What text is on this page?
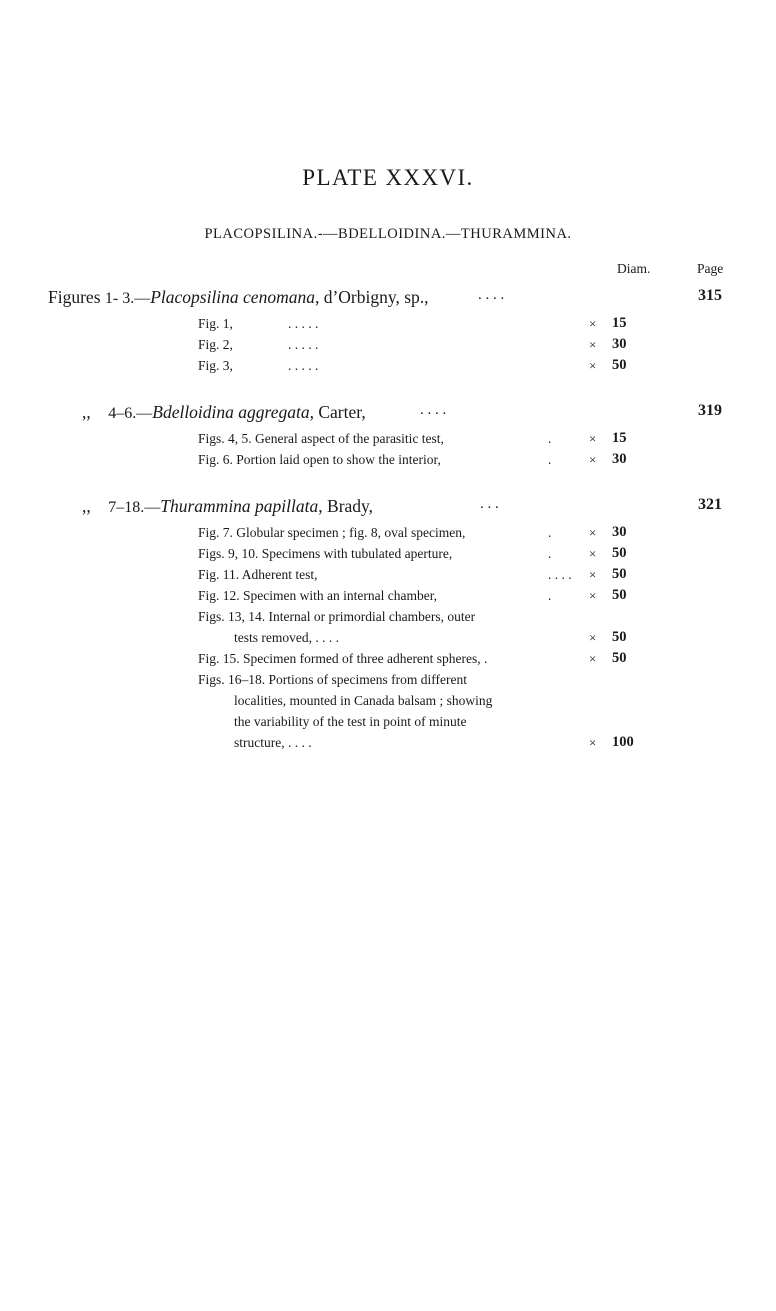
PLATE XXXVI.
PLACOPSILINA.-—BDELLOIDINA.—THURAMMINA.
Diam.	Page
Figures 1- 3.—Placopsilina cenomana, d’Orbigny, sp.,	. . . .	315
Fig. 1,	. . . . .	× 15
Fig. 2,	. . . . .	× 30
Fig. 3,	. . . . .	× 50
,, 4–6.—Bdelloidina aggregata, Carter,	. . . .	319
Figs. 4, 5. General aspect of the parasitic test,	.	× 15
Fig. 6. Portion laid open to show the interior,	.	× 30
,, 7–18.—Thurammina papillata, Brady,	. . .	321
Fig. 7. Globular specimen ; fig. 8, oval specimen,	.	× 30
Figs. 9, 10. Specimens with tubulated aperture,	.	× 50
Fig. 11. Adherent test,	. . . . × 50
Fig. 12. Specimen with an internal chamber,	.	× 50
Figs. 13, 14. Internal or primordial chambers, outer
tests removed, . . . .	× 50
Fig. 15. Specimen formed of three adherent spheres, .	× 50
Figs. 16–18. Portions of specimens from different
localities, mounted in Canada balsam ; showing
the variability of the test in point of minute
structure, . . . .	× 100
